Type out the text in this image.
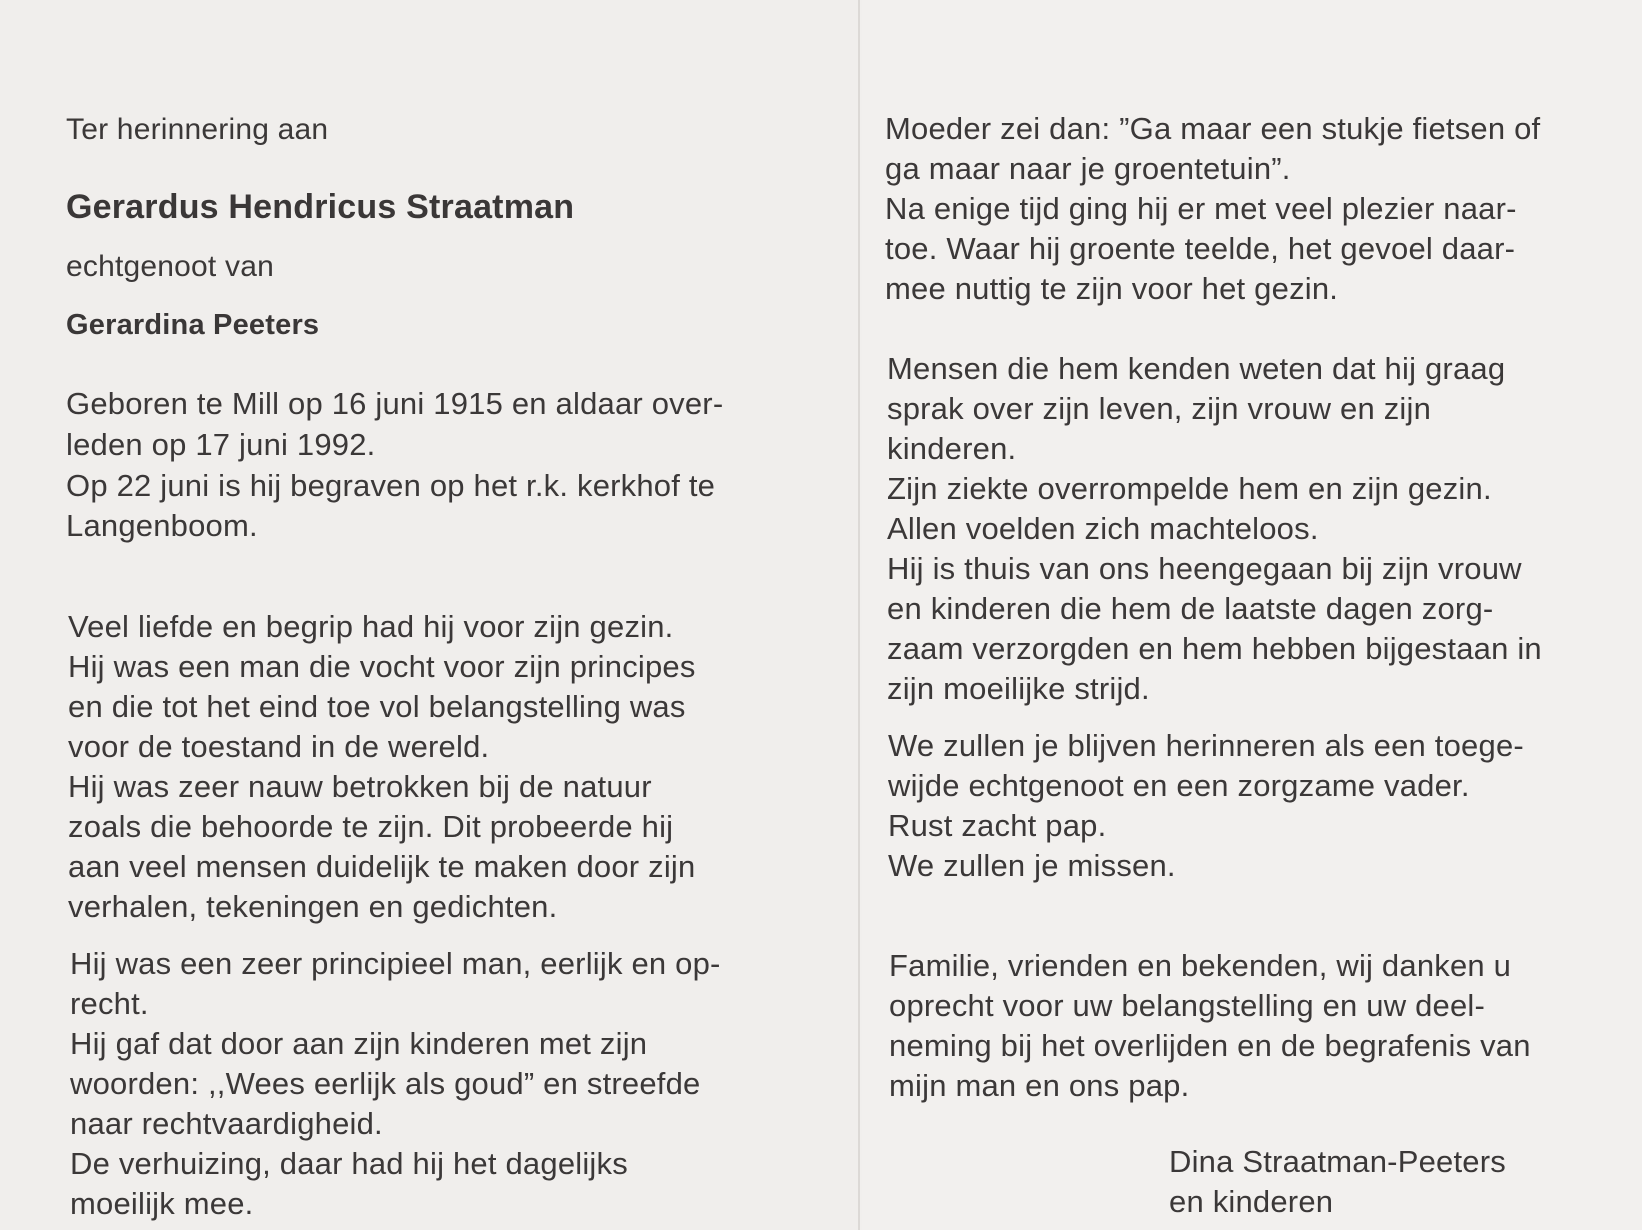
Ter herinnering aan
Gerardus Hendricus Straatman
echtgenoot van
Gerardina Peeters
Geboren te Mill op 16 juni 1915 en aldaar over-
leden op 17 juni 1992.
Op 22 juni is hij begraven op het r.k. kerkhof te
Langenboom.
Veel liefde en begrip had hij voor zijn gezin.
Hij was een man die vocht voor zijn principes
en die tot het eind toe vol belangstelling was
voor de toestand in de wereld.
Hij was zeer nauw betrokken bij de natuur
zoals die behoorde te zijn. Dit probeerde hij
aan veel mensen duidelijk te maken door zijn
verhalen, tekeningen en gedichten.
Hij was een zeer principieel man, eerlijk en op-
recht.
Hij gaf dat door aan zijn kinderen met zijn
woorden: ,,Wees eerlijk als goud” en streefde
naar rechtvaardigheid.
De verhuizing, daar had hij het dagelijks
moeilijk mee.
Moeder zei dan: ”Ga maar een stukje fietsen of
ga maar naar je groentetuin”.
Na enige tijd ging hij er met veel plezier naar-
toe. Waar hij groente teelde, het gevoel daar-
mee nuttig te zijn voor het gezin.
Mensen die hem kenden weten dat hij graag
sprak over zijn leven, zijn vrouw en zijn
kinderen.
Zijn ziekte overrompelde hem en zijn gezin.
Allen voelden zich machteloos.
Hij is thuis van ons heengegaan bij zijn vrouw
en kinderen die hem de laatste dagen zorg-
zaam verzorgden en hem hebben bijgestaan in
zijn moeilijke strijd.
We zullen je blijven herinneren als een toege-
wijde echtgenoot en een zorgzame vader.
Rust zacht pap.
We zullen je missen.
Familie, vrienden en bekenden, wij danken u
oprecht voor uw belangstelling en uw deel-
neming bij het overlijden en de begrafenis van
mijn man en ons pap.
Dina Straatman-Peeters
en kinderen
